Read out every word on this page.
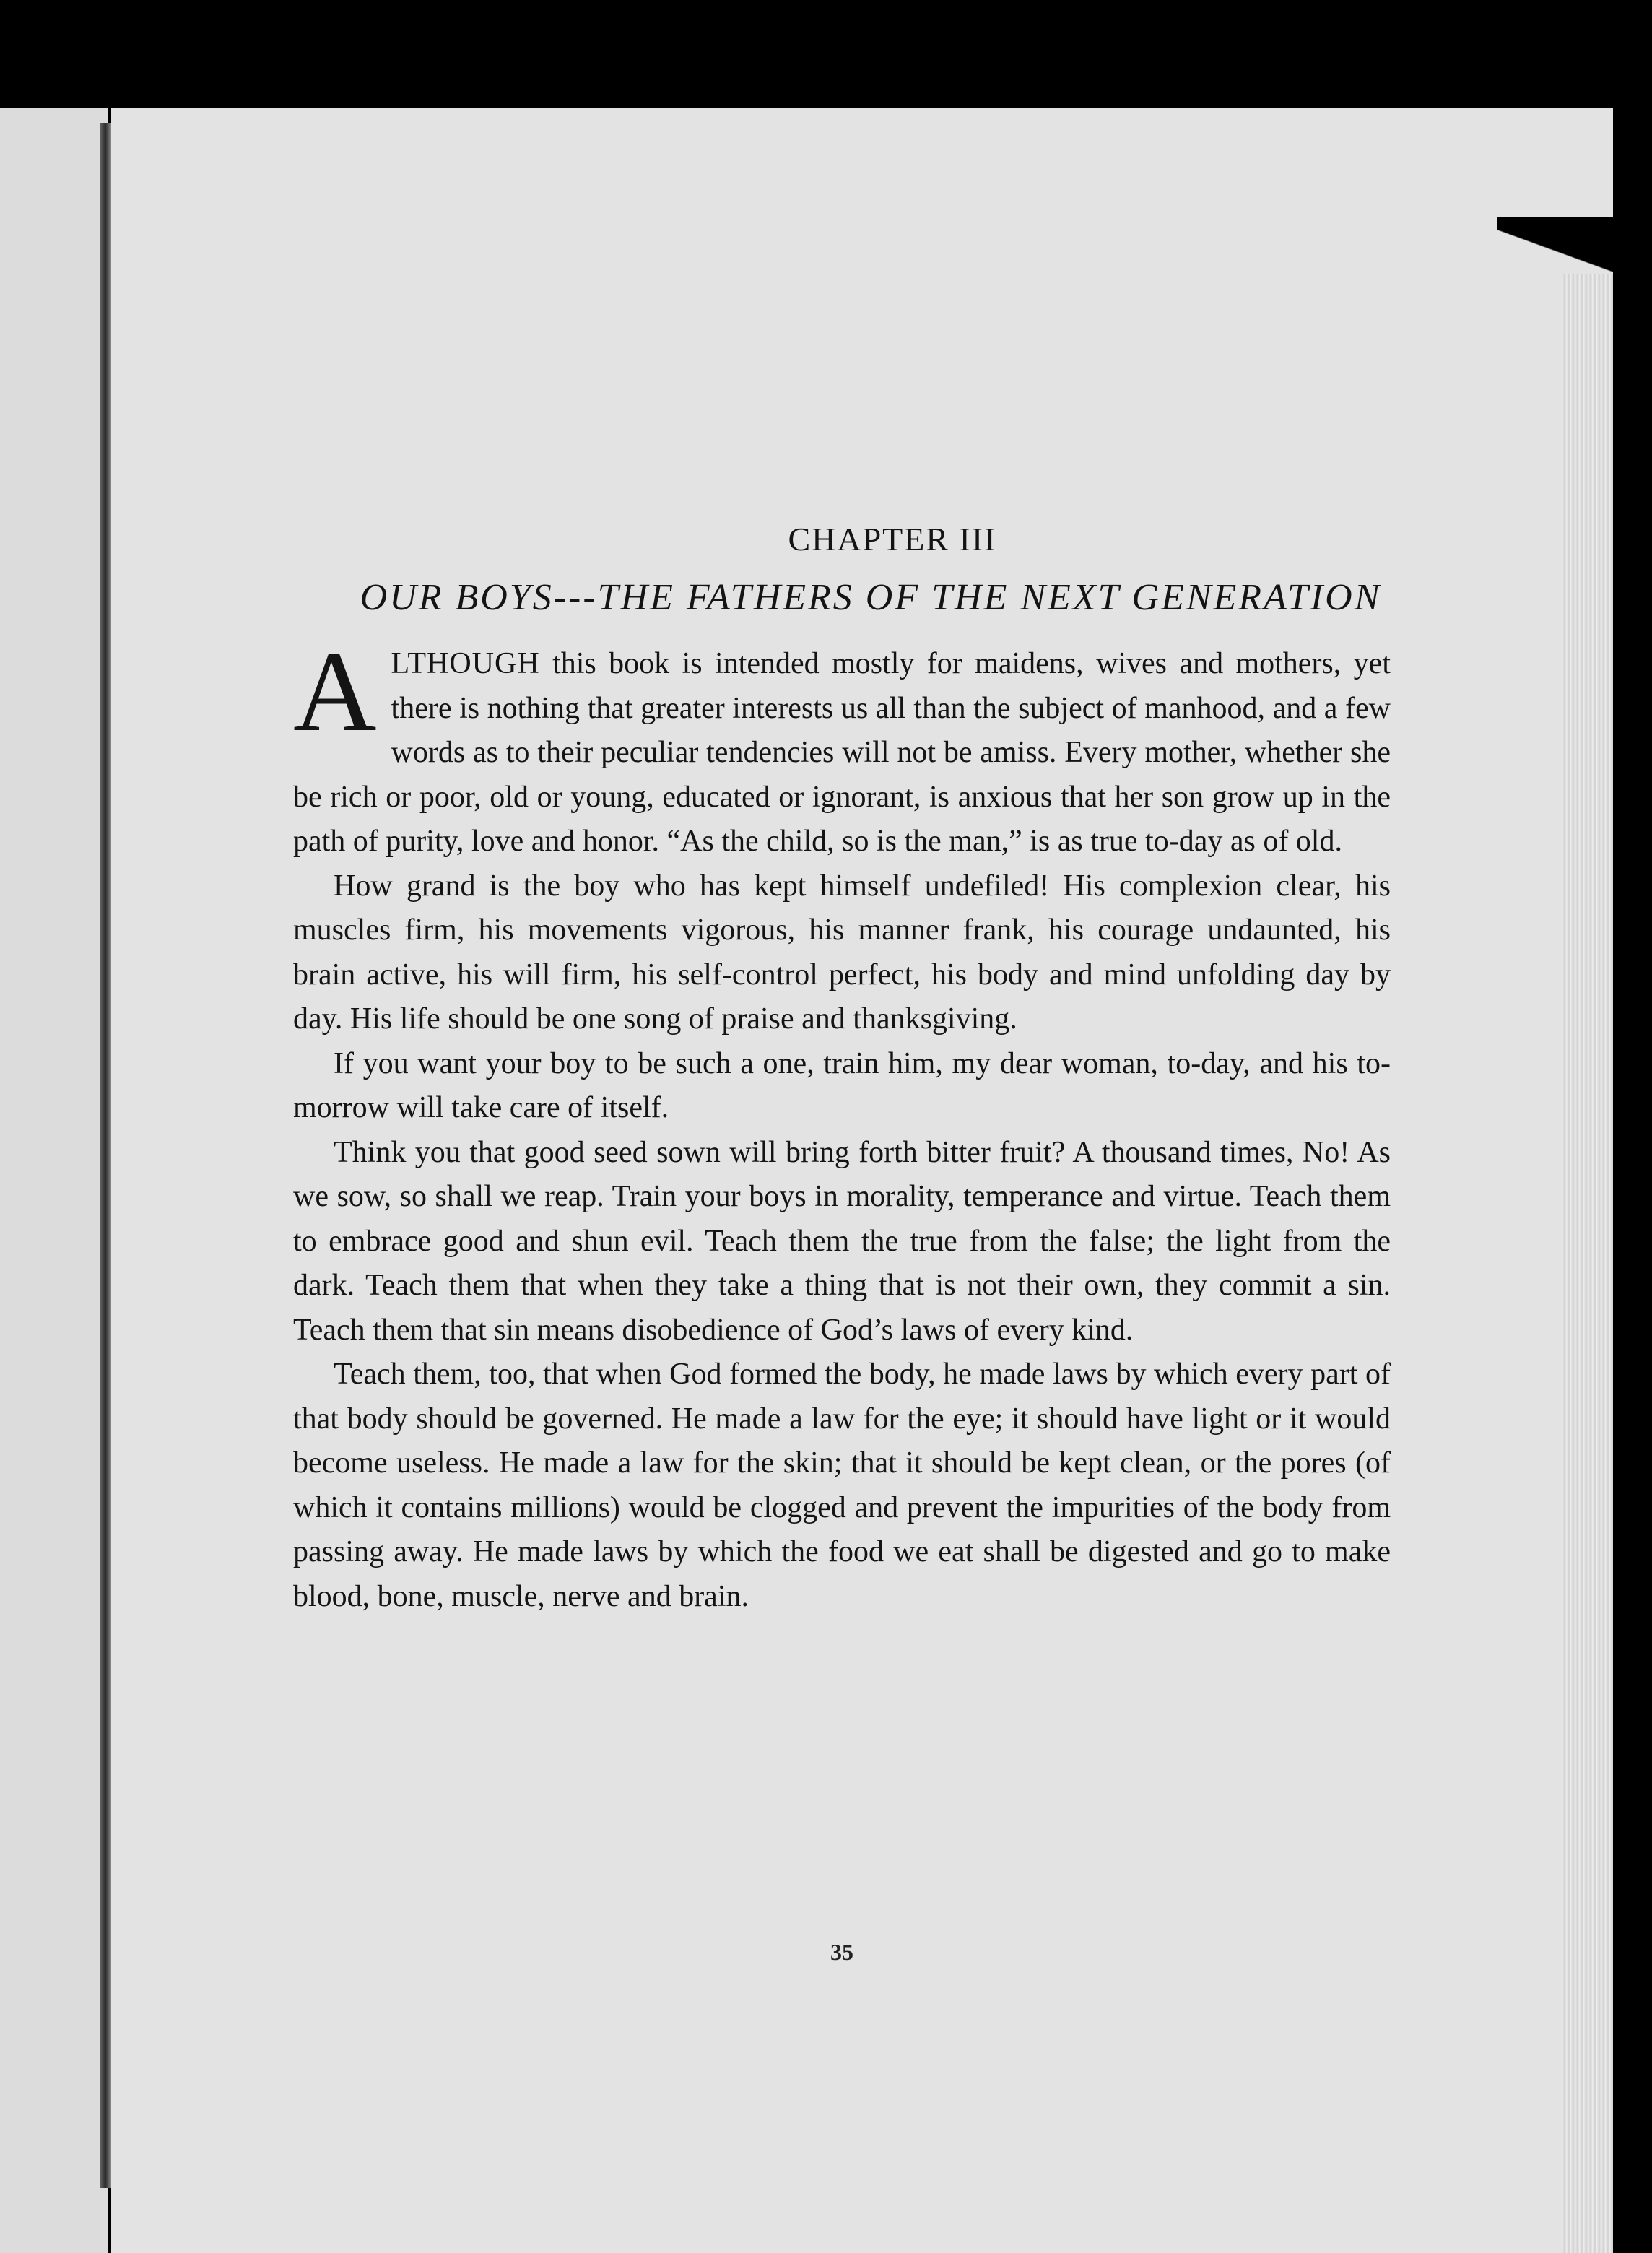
CHAPTER III
OUR BOYS---THE FATHERS OF THE NEXT GENERATION

ALTHOUGH this book is intended mostly for maidens, wives and mothers, yet there is nothing that greater interests us all than the subject of manhood, and a few words as to their peculiar tendencies will not be amiss. Every mother, whether she be rich or poor, old or young, educated or ignorant, is anxious that her son grow up in the path of purity, love and honor. “As the child, so is the man,” is as true to-day as of old.

How grand is the boy who has kept himself undefiled! His complexion clear, his muscles firm, his movements vigorous, his manner frank, his courage undaunted, his brain active, his will firm, his self-control perfect, his body and mind unfolding day by day. His life should be one song of praise and thanksgiving.

If you want your boy to be such a one, train him, my dear woman, to-day, and his to-morrow will take care of itself.

Think you that good seed sown will bring forth bitter fruit? A thousand times, No! As we sow, so shall we reap. Train your boys in morality, temperance and virtue. Teach them to embrace good and shun evil. Teach them the true from the false; the light from the dark. Teach them that when they take a thing that is not their own, they commit a sin. Teach them that sin means disobedience of God’s laws of every kind.

Teach them, too, that when God formed the body, he made laws by which every part of that body should be governed. He made a law for the eye; it should have light or it would become useless. He made a law for the skin; that it should be kept clean, or the pores (of which it contains millions) would be clogged and prevent the impurities of the body from passing away. He made laws by which the food we eat shall be digested and go to make blood, bone, muscle, nerve and brain.

35
